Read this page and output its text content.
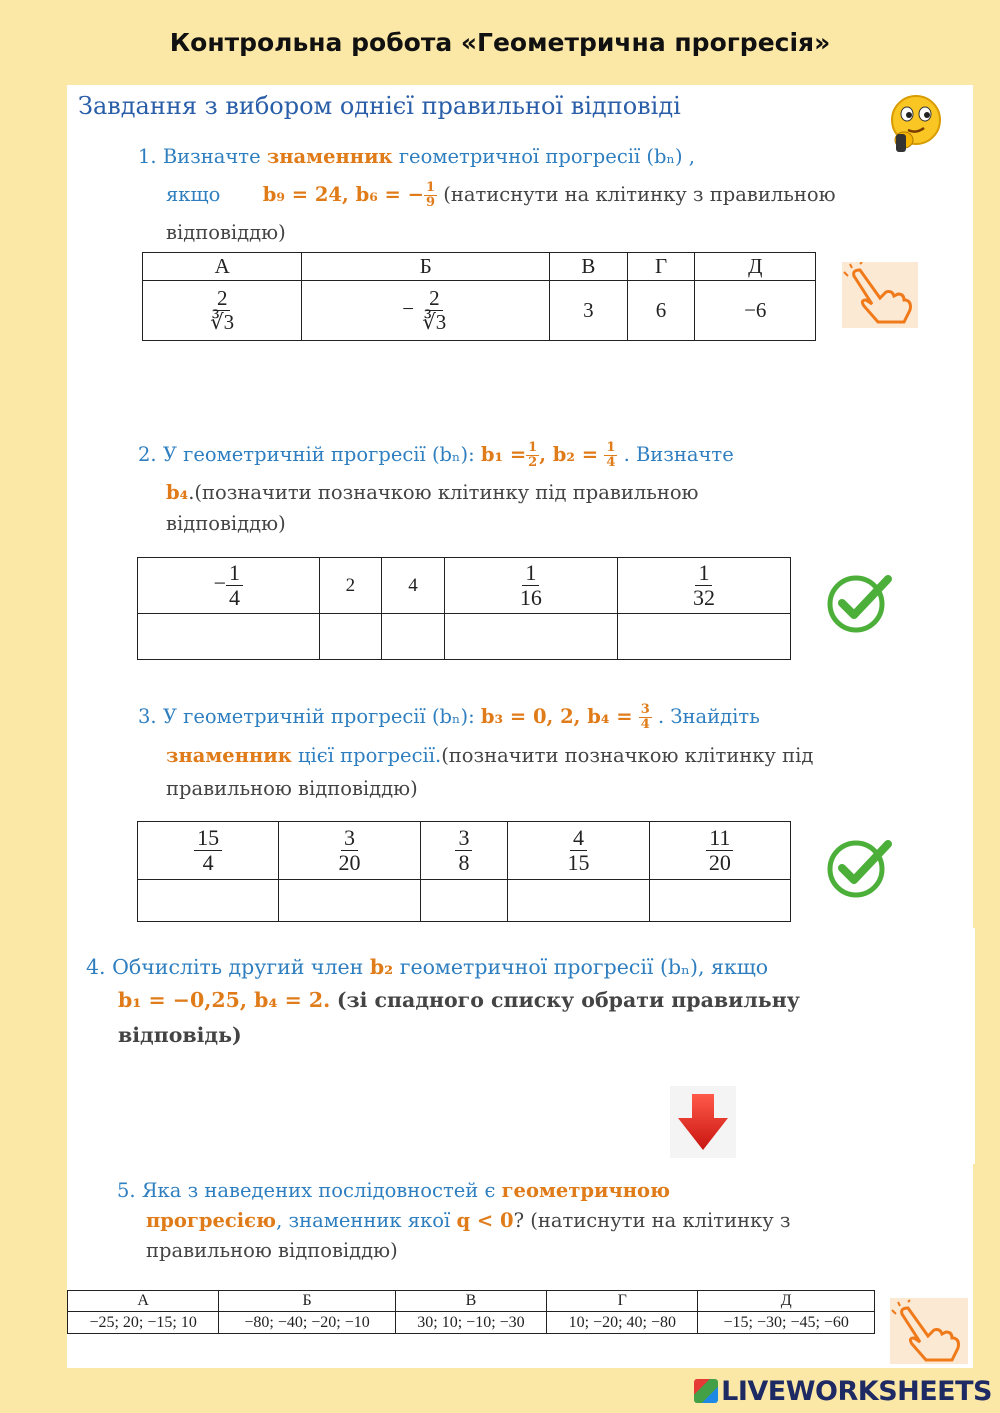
Контрольна робота «Геометрична прогресія»
Завдання з вибором однієї правильної відповіді
1. Визначте знаменник геометричної прогресії (bₙ) ,
якщо b₉ = 24, b₆ = − $\frac{1}{9}$ (натиснути на клітинку з правильною
відповіддю)
А	Б	В	Г	Д

$\frac{2}{∛3}$	− $\frac{2}{∛3}$	3	6	−6
2. У геометричній прогресії (bₙ): $b_1 = \frac{1}{2}$ , $b_2 = \frac{1}{4}$ . Визначте
b₄.(позначити позначкою клітинку під правильною
відповіддю)
− $\frac{1}{4}$	2	4	$\frac{1}{16}$	$\frac{1}{32}$

3. У геометричній прогресії (bₙ): b₃ = 0, 2, $b_4 = \frac{3}{4}$ . Знайдіть
знаменник цієї прогресії.(позначити позначкою клітинку під
правильною відповіддю)
$\frac{15}{4}$	$\frac{3}{20}$	$\frac{3}{8}$	$\frac{4}{15}$	$\frac{11}{20}$

4. Обчисліть другий член b₂ геометричної прогресії (bₙ), якщо
b₁ = −0,25, b₄ = 2. (зі спадного списку обрати правильну
відповідь)
5. Яка з наведених послідовностей є геометричною
прогресією, знаменник якої q < 0? (натиснути на клітинку з
правильною відповіддю)
А	Б	В	Г	Д
−25; 20; −15; 10	−80; −40; −20; −10	30; 10; −10; −30	10; −20; 40; −80	−15; −30; −45; −60
LIVEWORKSHEETS
